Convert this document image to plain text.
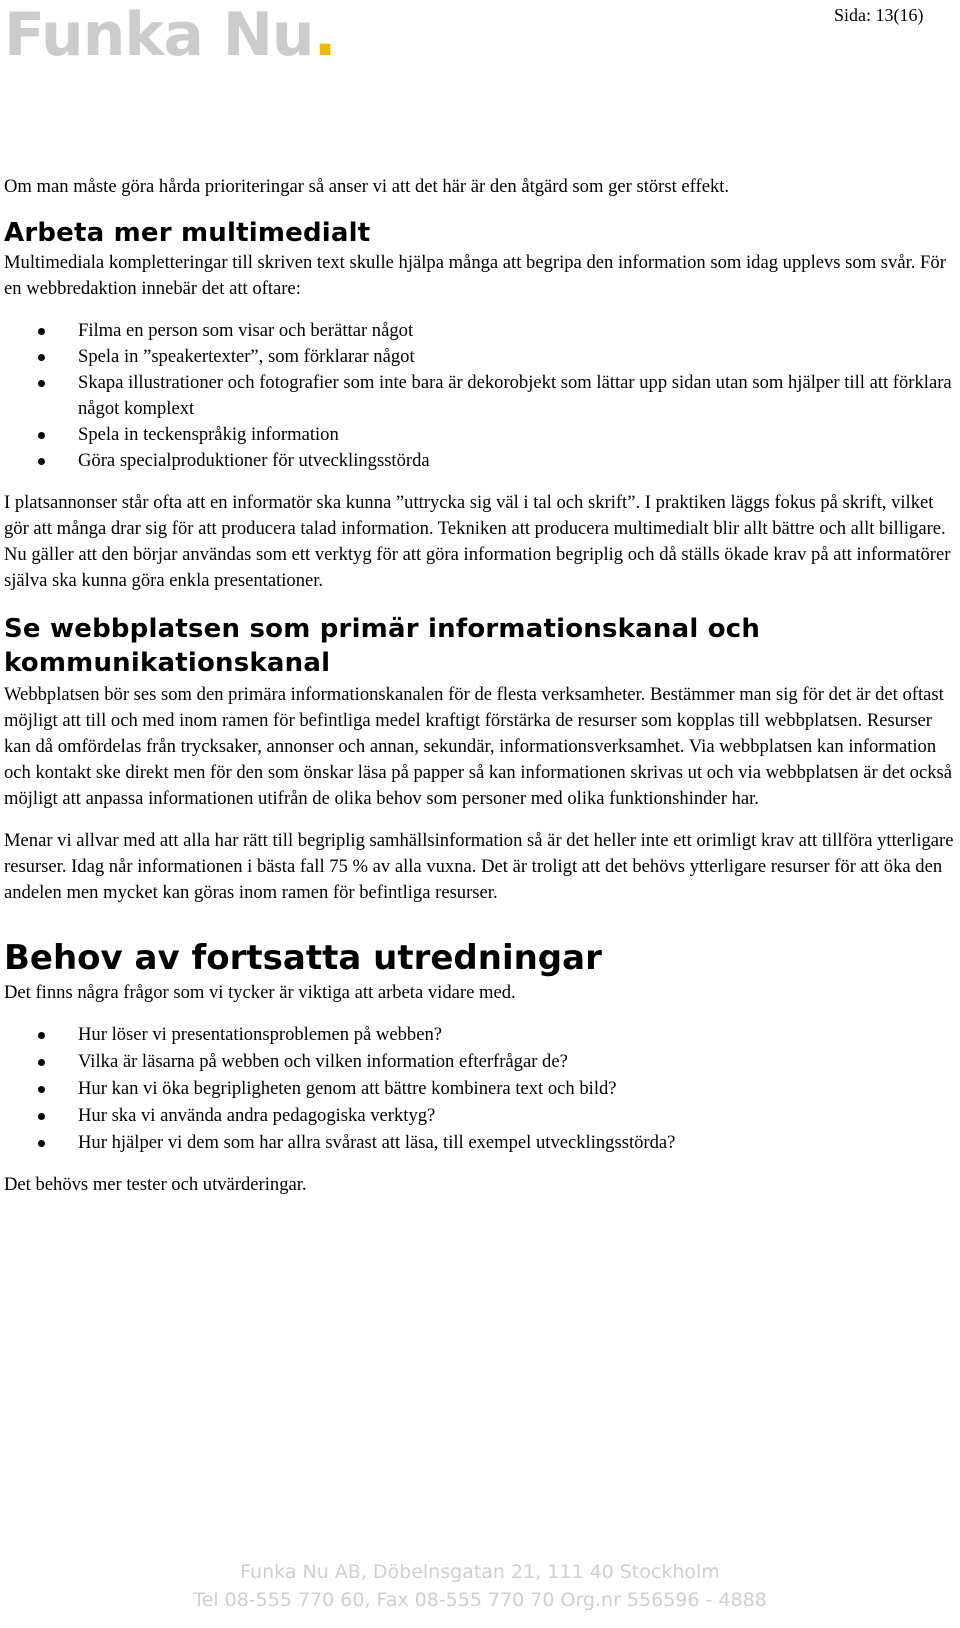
Funka Nu.	Sida: 13(16)

Om man måste göra hårda prioriteringar så anser vi att det här är den åtgärd som ger störst effekt.

Arbeta mer multimedialt

Multimediala kompletteringar till skriven text skulle hjälpa många att begripa den information som idag upplevs som svår. För en webbredaktion innebär det att oftare:

Filma en person som visar och berättar något
Spela in ”speakertexter”, som förklarar något
Skapa illustrationer och fotografier som inte bara är dekorobjekt som lättar upp sidan utan som hjälper till att förklara något komplext
Spela in teckenspråkig information
Göra specialproduktioner för utvecklingsstörda

I platsannonser står ofta att en informatör ska kunna ”uttrycka sig väl i tal och skrift”. I praktiken läggs fokus på skrift, vilket gör att många drar sig för att producera talad information. Tekniken att producera multimedialt blir allt bättre och allt billigare. Nu gäller att den börjar användas som ett verktyg för att göra information begriplig och då ställs ökade krav på att informatörer själva ska kunna göra enkla presentationer.

Se webbplatsen som primär informationskanal och kommunikationskanal

Webbplatsen bör ses som den primära informationskanalen för de flesta verksamheter. Bestämmer man sig för det är det oftast möjligt att till och med inom ramen för befintliga medel kraftigt förstärka de resurser som kopplas till webbplatsen. Resurser kan då omfördelas från trycksaker, annonser och annan, sekundär, informationsverksamhet. Via webbplatsen kan information och kontakt ske direkt men för den som önskar läsa på papper så kan informationen skrivas ut och via webbplatsen är det också möjligt att anpassa informationen utifrån de olika behov som personer med olika funktionshinder har.

Menar vi allvar med att alla har rätt till begriplig samhällsinformation så är det heller inte ett orimligt krav att tillföra ytterligare resurser. Idag når informationen i bästa fall 75 % av alla vuxna. Det är troligt att det behövs ytterligare resurser för att öka den andelen men mycket kan göras inom ramen för befintliga resurser.

Behov av fortsatta utredningar

Det finns några frågor som vi tycker är viktiga att arbeta vidare med.

Hur löser vi presentationsproblemen på webben?
Vilka är läsarna på webben och vilken information efterfrågar de?
Hur kan vi öka begripligheten genom att bättre kombinera text och bild?
Hur ska vi använda andra pedagogiska verktyg?
Hur hjälper vi dem som har allra svårast att läsa, till exempel utvecklingsstörda?

Det behövs mer tester och utvärderingar.

Funka Nu AB, Döbelnsgatan 21, 111 40 Stockholm
Tel 08-555 770 60, Fax 08-555 770 70 Org.nr 556596 - 4888
